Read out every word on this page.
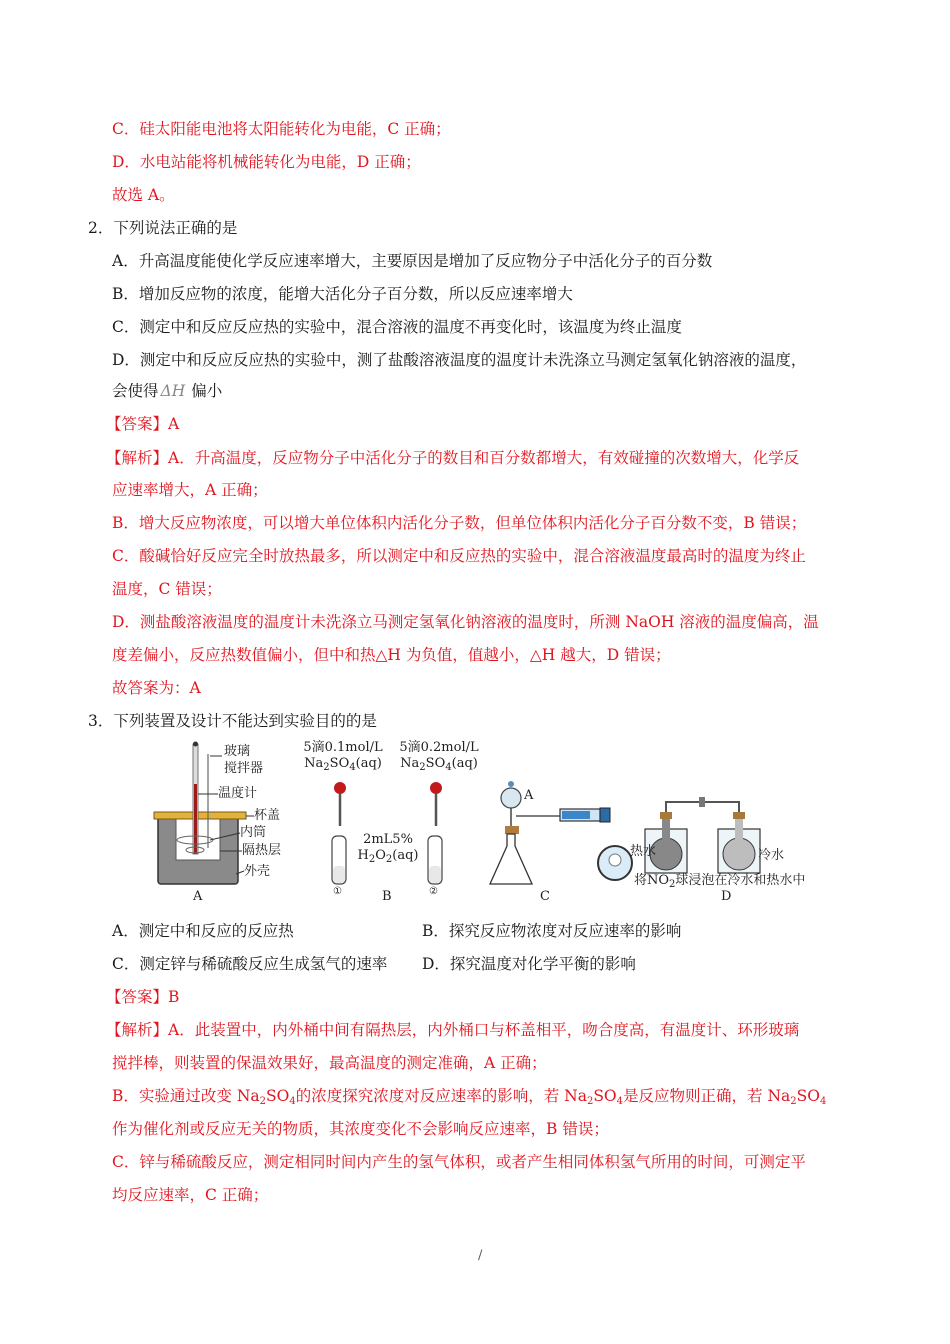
C．硅太阳能电池将太阳能转化为电能，C 正确；
D．水电站能将机械能转化为电能，D 正确；
故选 A。
2．下列说法正确的是
A．升高温度能使化学反应速率增大，主要原因是增加了反应物分子中活化分子的百分数
B．增加反应物的浓度，能增大活化分子百分数，所以反应速率增大
C．测定中和反应反应热的实验中，混合溶液的温度不再变化时，该温度为终止温度
D．测定中和反应反应热的实验中，测了盐酸溶液温度的温度计未洗涤立马测定氢氧化钠溶液的温度，
会使得 ΔH 偏小
【答案】A
【解析】A．升高温度，反应物分子中活化分子的数目和百分数都增大，有效碰撞的次数增大，化学反
应速率增大，A 正确；
B．增大反应物浓度，可以增大单位体积内活化分子数，但单位体积内活化分子百分数不变，B 错误；
C．酸碱恰好反应完全时放热最多，所以测定中和反应热的实验中，混合溶液温度最高时的温度为终止
温度，C 错误；
D．测盐酸溶液温度的温度计未洗涤立马测定氢氧化钠溶液的温度时，所测 NaOH 溶液的温度偏高，温
度差偏小，反应热数值偏小，但中和热△H 为负值，值越小，△H 越大，D 错误；
故答案为：A
3．下列装置及设计不能达到实验目的的是
玻璃
搅拌器
温度计
杯盖
内筒
隔热层
外壳
A
5滴0.1mol/L
$Na_2SO_4(aq)$
5滴0.2mol/L
$Na_2SO_4(aq)$
2mL5%
$H_2O_2(aq)$
①	②
B
A
C
热水	冷水
将$NO_2$球浸泡在冷水和热水中
D
A．测定中和反应的反应热	B．探究反应物浓度对反应速率的影响
C．测定锌与稀硫酸反应生成氢气的速率 D．探究温度对化学平衡的影响
【答案】B
【解析】A．此装置中，内外桶中间有隔热层，内外桶口与杯盖相平，吻合度高，有温度计、环形玻璃
搅拌棒，则装置的保温效果好，最高温度的测定准确，A 正确；
B．实验通过改变 $Na_2SO_4$的浓度探究浓度对反应速率的影响，若 $Na_2SO_4$是反应物则正确，若 $Na_2SO_4$
作为催化剂或反应无关的物质，其浓度变化不会影响反应速率，B 错误；
C．锌与稀硫酸反应，测定相同时间内产生的氢气体积，或者产生相同体积氢气所用的时间，可测定平
均反应速率，C 正确；
/
